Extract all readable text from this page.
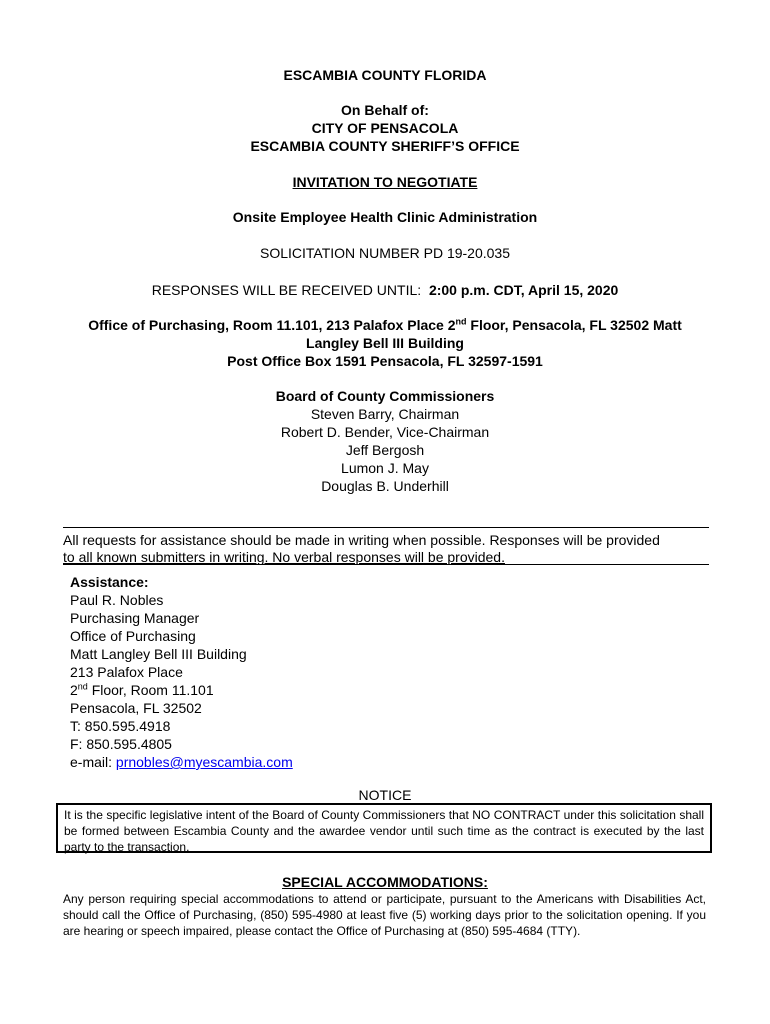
ESCAMBIA COUNTY FLORIDA
On Behalf of:
CITY OF PENSACOLA
ESCAMBIA COUNTY SHERIFF’S OFFICE
INVITATION TO NEGOTIATE
Onsite Employee Health Clinic Administration
SOLICITATION NUMBER PD 19-20.035
RESPONSES WILL BE RECEIVED UNTIL: 2:00 p.m. CDT, April 15, 2020
Office of Purchasing, Room 11.101, 213 Palafox Place 2nd Floor, Pensacola, FL 32502 Matt
Langley Bell III Building
Post Office Box 1591 Pensacola, FL 32597-1591
Board of County Commissioners
Steven Barry, Chairman
Robert D. Bender, Vice-Chairman
Jeff Bergosh
Lumon J. May
Douglas B. Underhill
All requests for assistance should be made in writing when possible. Responses will be provided
to all known submitters in writing. No verbal responses will be provided.
Assistance:
Paul R. Nobles
Purchasing Manager
Office of Purchasing
Matt Langley Bell III Building
213 Palafox Place
2nd Floor, Room 11.101
Pensacola, FL 32502
T: 850.595.4918
F: 850.595.4805
e-mail: prnobles@myescambia.com
NOTICE
It is the specific legislative intent of the Board of County Commissioners that NO CONTRACT under this solicitation shall be formed between Escambia County and the awardee vendor until such time as the contract is executed by the last party to the transaction.
SPECIAL ACCOMMODATIONS:
Any person requiring special accommodations to attend or participate, pursuant to the Americans with Disabilities Act, should call the Office of Purchasing, (850) 595-4980 at least five (5) working days prior to the solicitation opening. If you are hearing or speech impaired, please contact the Office of Purchasing at (850) 595-4684 (TTY).
